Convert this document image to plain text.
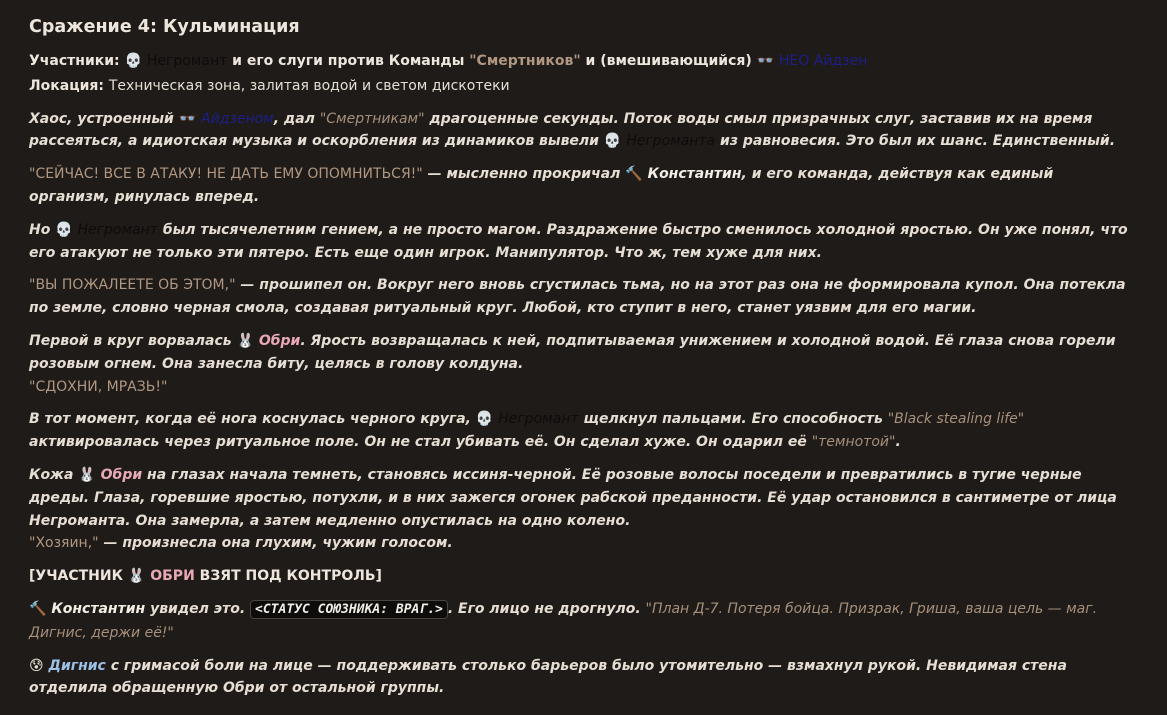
Сражение 4: Кульминация

Участники: 💀 Негромант и его слуги против Команды "Смертников" и (вмешивающийся) 👓 НЕО Айдзен

Локация: Техническая зона, залитая водой и светом дискотеки

Хаос, устроенный 👓 Айдзеном, дал "Смертникам" драгоценные секунды. Поток воды смыл призрачных слуг, заставив их на время рассеяться, а идиотская музыка и оскорбления из динамиков вывели 💀 Негроманта из равновесия. Это был их шанс. Единственный.

"СЕЙЧАС! ВСЕ В АТАКУ! НЕ ДАТЬ ЕМУ ОПОМНИТЬСЯ!" — мысленно прокричал 🔨 Константин, и его команда, действуя как единый организм, ринулась вперед.

Но 💀 Негромант был тысячелетним гением, а не просто магом. Раздражение быстро сменилось холодной яростью. Он уже понял, что его атакуют не только эти пятеро. Есть еще один игрок. Манипулятор. Что ж, тем хуже для них.

"ВЫ ПОЖАЛЕЕТЕ ОБ ЭТОМ," — прошипел он. Вокруг него вновь сгустилась тьма, но на этот раз она не формировала купол. Она потекла по земле, словно черная смола, создавая ритуальный круг. Любой, кто ступит в него, станет уязвим для его магии.

Первой в круг ворвалась 🐰 Обри. Ярость возвращалась к ней, подпитываемая унижением и холодной водой. Её глаза снова горели розовым огнем. Она занесла биту, целясь в голову колдуна.
"СДОХНИ, МРАЗЬ!"

В тот момент, когда её нога коснулась черного круга, 💀 Негромант щелкнул пальцами. Его способность "Black stealing life" активировалась через ритуальное поле. Он не стал убивать её. Он сделал хуже. Он одарил её "темнотой".

Кожа 🐰 Обри на глазах начала темнеть, становясь иссиня-черной. Её розовые волосы поседели и превратились в тугие черные дреды. Глаза, горевшие яростью, потухли, и в них зажегся огонек рабской преданности. Её удар остановился в сантиметре от лица Негроманта. Она замерла, а затем медленно опустилась на одно колено.
"Хозяин," — произнесла она глухим, чужим голосом.

[УЧАСТНИК 🐰 ОБРИ ВЗЯТ ПОД КОНТРОЛЬ]

🔨 Константин увидел это. <СТАТУС СОЮЗНИКА: ВРАГ.> . Его лицо не дрогнуло. "План Д-7. Потеря бойца. Призрак, Гриша, ваша цель — маг. Дигнис, держи её!"

😰 Дигнис с гримасой боли на лице — поддерживать столько барьеров было утомительно — взмахнул рукой. Невидимая стена отделила обращенную Обри от остальной группы.
